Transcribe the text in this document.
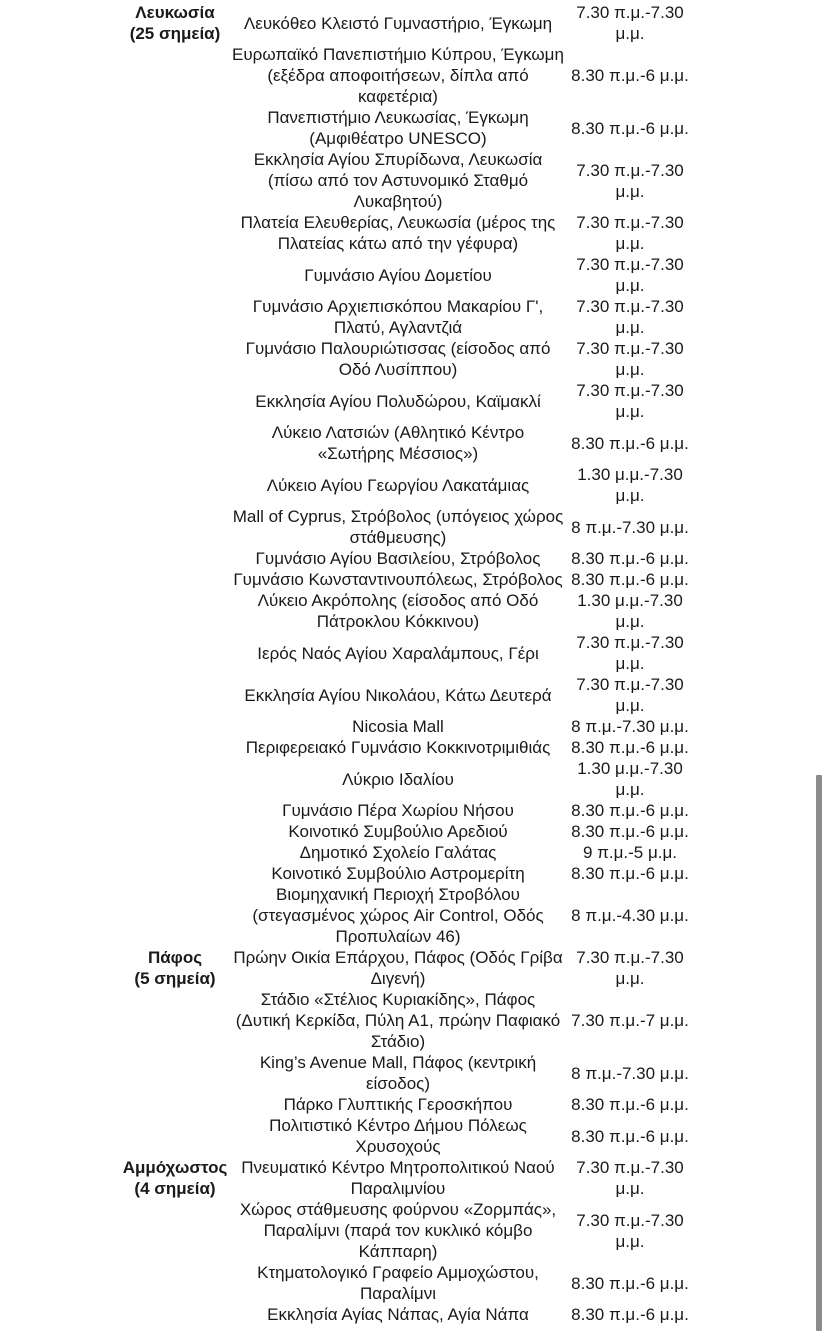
Λευκωσία
(25 σημεία)
Λευκόθεο Κλειστό Γυμναστήριο, Έγκωμη
7.30 π.μ.-7.30 μ.μ.
Ευρωπαϊκό Πανεπιστήμιο Κύπρου, Έγκωμη (εξέδρα αποφοιτήσεων, δίπλα από καφετέρια)
8.30 π.μ.-6 μ.μ.
Πανεπιστήμιο Λευκωσίας, Έγκωμη (Αμφιθέατρο UNESCO)
8.30 π.μ.-6 μ.μ.
Εκκλησία Αγίου Σπυρίδωνα, Λευκωσία (πίσω από τον Αστυνομικό Σταθμό Λυκαβητού)
7.30 π.μ.-7.30 μ.μ.
Πλατεία Ελευθερίας, Λευκωσία (μέρος της Πλατείας κάτω από την γέφυρα)
7.30 π.μ.-7.30 μ.μ.
Γυμνάσιο Αγίου Δομετίου
7.30 π.μ.-7.30 μ.μ.
Γυμνάσιο Αρχιεπισκόπου Μακαρίου Γ', Πλατύ, Αγλαντζιά
7.30 π.μ.-7.30 μ.μ.
Γυμνάσιο Παλουριώτισσας (είσοδος από Οδό Λυσίππου)
7.30 π.μ.-7.30 μ.μ.
Εκκλησία Αγίου Πολυδώρου, Καϊμακλί
7.30 π.μ.-7.30 μ.μ.
Λύκειο Λατσιών (Αθλητικό Κέντρο «Σωτήρης Μέσσιος»)
8.30 π.μ.-6 μ.μ.
Λύκειο Αγίου Γεωργίου Λακατάμιας
1.30 μ.μ.-7.30 μ.μ.
Mall of Cyprus, Στρόβολος (υπόγειος χώρος στάθμευσης)
8 π.μ.-7.30 μ.μ.
Γυμνάσιο Αγίου Βασιλείου, Στρόβολος	8.30 π.μ.-6 μ.μ.
Γυμνάσιο Κωνσταντινουπόλεως, Στρόβολος 8.30 π.μ.-6 μ.μ.
Λύκειο Ακρόπολης (είσοδος από Οδό Πάτροκλου Κόκκινου)
1.30 μ.μ.-7.30 μ.μ.
Ιερός Ναός Αγίου Χαραλάμπους, Γέρι
7.30 π.μ.-7.30 μ.μ.
Εκκλησία Αγίου Νικολάου, Κάτω Δευτερά
7.30 π.μ.-7.30 μ.μ.
Nicosia Mall	8 π.μ.-7.30 μ.μ.
Περιφερειακό Γυμνάσιο Κοκκινοτριμιθιάς	8.30 π.μ.-6 μ.μ.
Λύκριο Ιδαλίου
1.30 μ.μ.-7.30 μ.μ.
Γυμνάσιο Πέρα Χωρίου Νήσου	8.30 π.μ.-6 μ.μ.
Κοινοτικό Συμβούλιο Αρεδιού	8.30 π.μ.-6 μ.μ.
Δημοτικό Σχολείο Γαλάτας	9 π.μ.-5 μ.μ.
Κοινοτικό Συμβούλιο Αστρομερίτη	8.30 π.μ.-6 μ.μ.
Βιομηχανική Περιοχή Στροβόλου (στεγασμένος χώρος Air Control, Οδός Προπυλαίων 46)
8 π.μ.-4.30 μ.μ.
Πάφος
(5 σημεία)
Πρώην Οικία Επάρχου, Πάφος (Οδός Γρίβα Διγενή)
7.30 π.μ.-7.30 μ.μ.
Στάδιο «Στέλιος Κυριακίδης», Πάφος (Δυτική Κερκίδα, Πύλη Α1, πρώην Παφιακό Στάδιο)
7.30 π.μ.-7 μ.μ.
King’s Avenue Mall, Πάφος (κεντρική είσοδος)
8 π.μ.-7.30 μ.μ.
Πάρκο Γλυπτικής Γεροσκήπου	8.30 π.μ.-6 μ.μ.
Πολιτιστικό Κέντρο Δήμου Πόλεως Χρυσοχούς
8.30 π.μ.-6 μ.μ.
Αμμόχωστος
(4 σημεία)
Πνευματικό Κέντρο Μητροπολιτικού Ναού Παραλιμνίου
7.30 π.μ.-7.30 μ.μ.
Χώρος στάθμευσης φούρνου «Ζορμπάς», Παραλίμνι (παρά τον κυκλικό κόμβο Κάππαρη)
7.30 π.μ.-7.30 μ.μ.
Κτηματολογικό Γραφείο Αμμοχώστου, Παραλίμνι
8.30 π.μ.-6 μ.μ.
Εκκλησία Αγίας Νάπας, Αγία Νάπα	8.30 π.μ.-6 μ.μ.
